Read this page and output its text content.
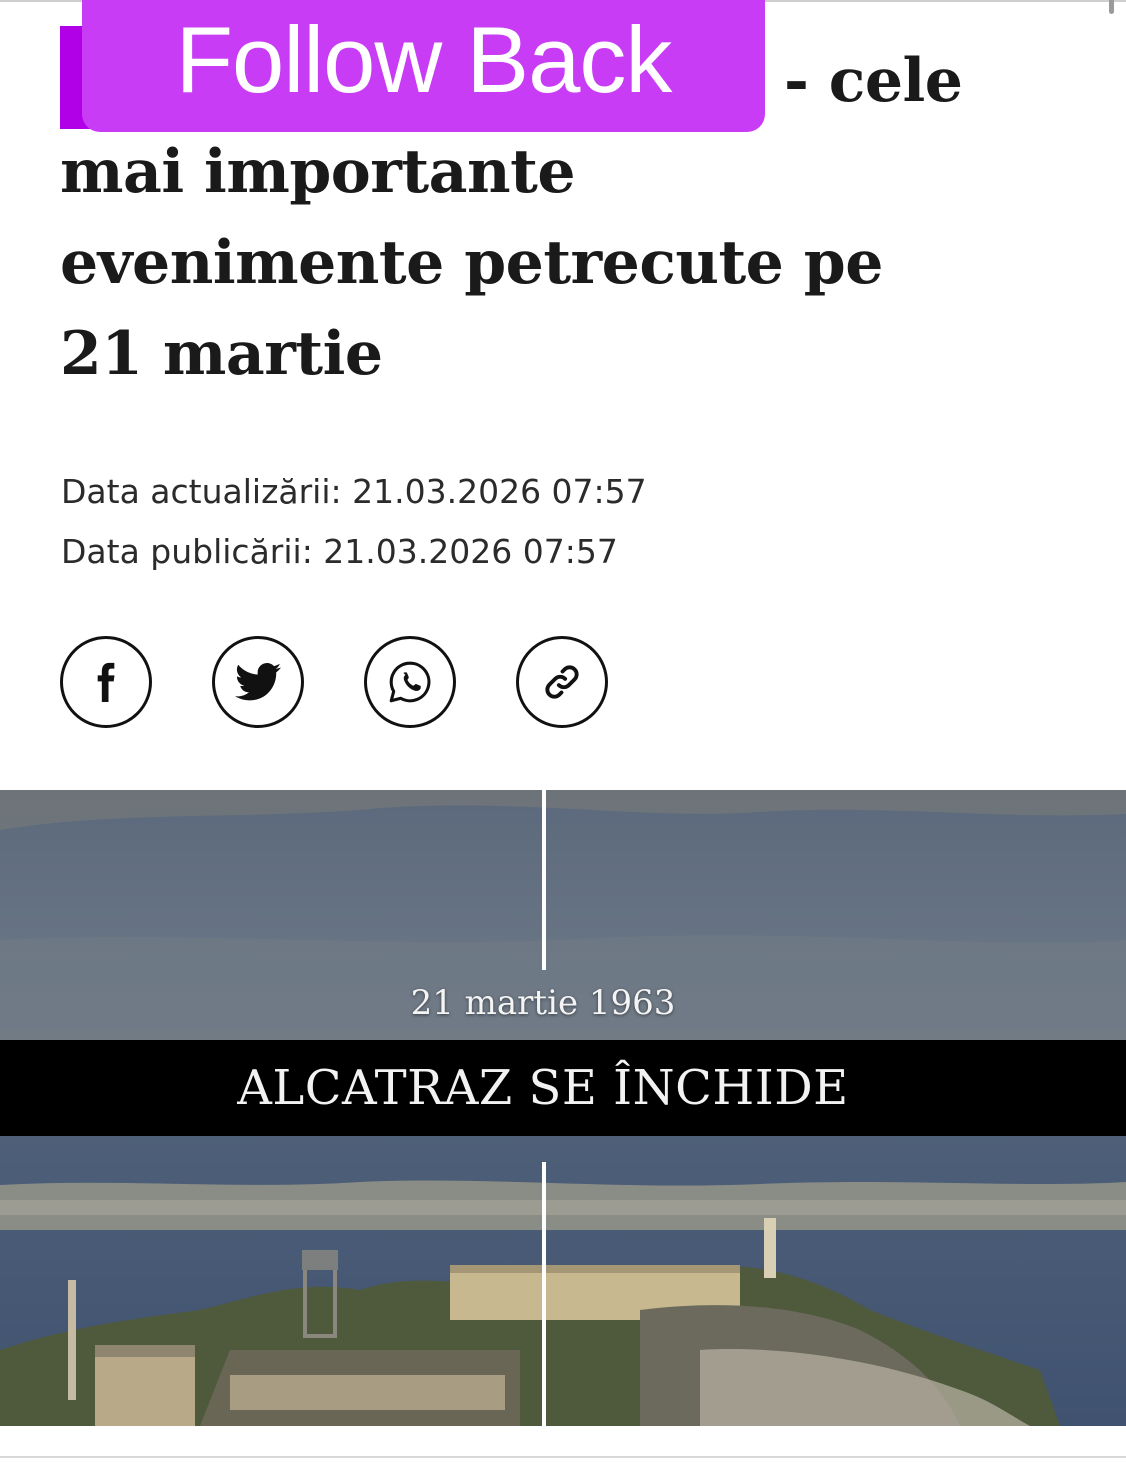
- cele
mai importante
evenimente petrecute pe
21 martie
Follow Back
Data actualizării: 21.03.2026 07:57
Data publicării: 21.03.2026 07:57
21 martie 1963
ALCATRAZ SE ÎNCHIDE
